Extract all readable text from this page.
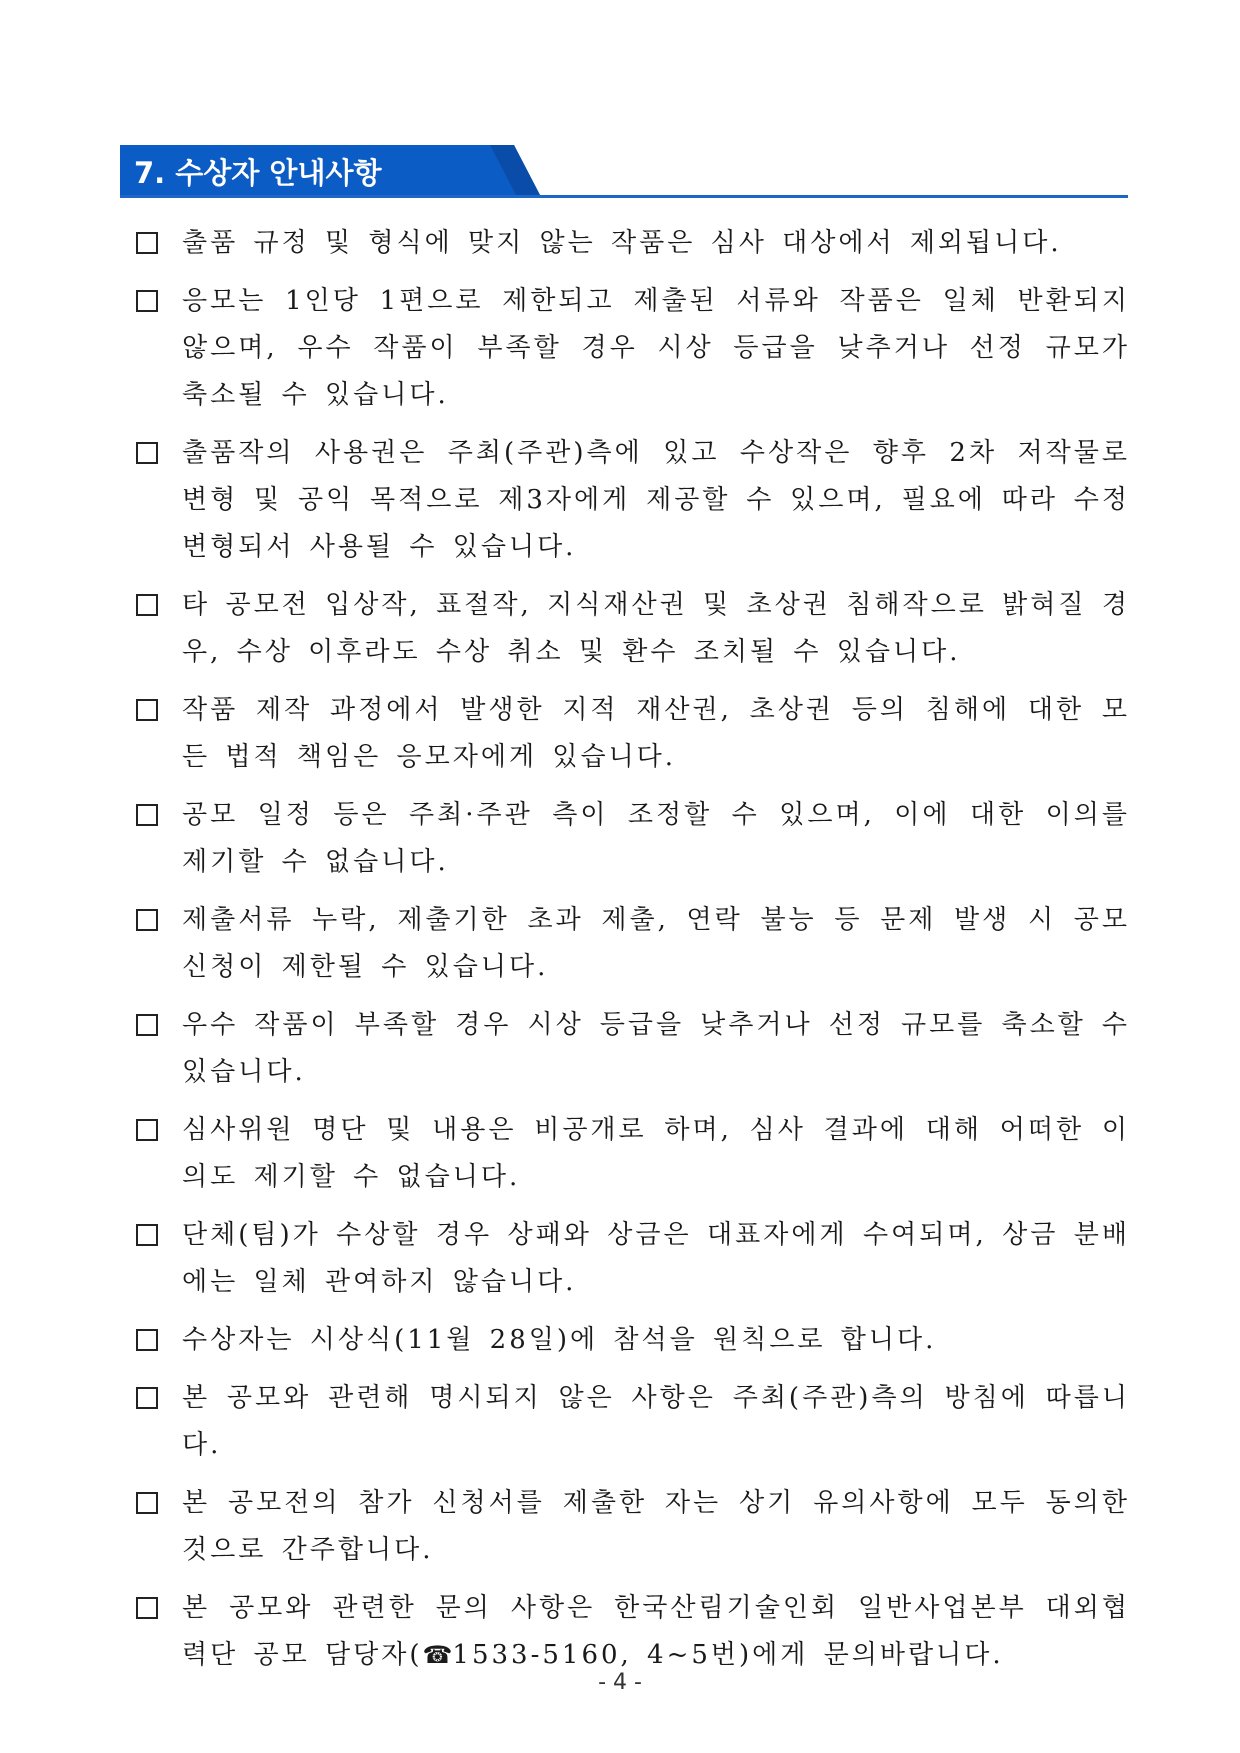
7. 수상자 안내사항
출품 규정 및 형식에 맞지 않는 작품은 심사 대상에서 제외됩니다.
응모는 1인당 1편으로 제한되고 제출된 서류와 작품은 일체 반환되지 않으며, 우수 작품이 부족할 경우 시상 등급을 낮추거나 선정 규모가 축소될 수 있습니다.
출품작의 사용권은 주최(주관)측에 있고 수상작은 향후 2차 저작물로 변형 및 공익 목적으로 제3자에게 제공할 수 있으며, 필요에 따라 수정 변형되서 사용될 수 있습니다.
타 공모전 입상작, 표절작, 지식재산권 및 초상권 침해작으로 밝혀질 경우, 수상 이후라도 수상 취소 및 환수 조치될 수 있습니다.
작품 제작 과정에서 발생한 지적 재산권, 초상권 등의 침해에 대한 모든 법적 책임은 응모자에게 있습니다.
공모 일정 등은 주최·주관 측이 조정할 수 있으며, 이에 대한 이의를 제기할 수 없습니다.
제출서류 누락, 제출기한 초과 제출, 연락 불능 등 문제 발생 시 공모 신청이 제한될 수 있습니다.
우수 작품이 부족할 경우 시상 등급을 낮추거나 선정 규모를 축소할 수 있습니다.
심사위원 명단 및 내용은 비공개로 하며, 심사 결과에 대해 어떠한 이의도 제기할 수 없습니다.
단체(팀)가 수상할 경우 상패와 상금은 대표자에게 수여되며, 상금 분배에는 일체 관여하지 않습니다.
수상자는 시상식(11월 28일)에 참석을 원칙으로 합니다.
본 공모와 관련해 명시되지 않은 사항은 주최(주관)측의 방침에 따릅니다.
본 공모전의 참가 신청서를 제출한 자는 상기 유의사항에 모두 동의한 것으로 간주합니다.
본 공모와 관련한 문의 사항은 한국산림기술인회 일반사업본부 대외협력단 공모 담당자(☎1533-5160, 4~5번)에게 문의바랍니다.
- 4 -
